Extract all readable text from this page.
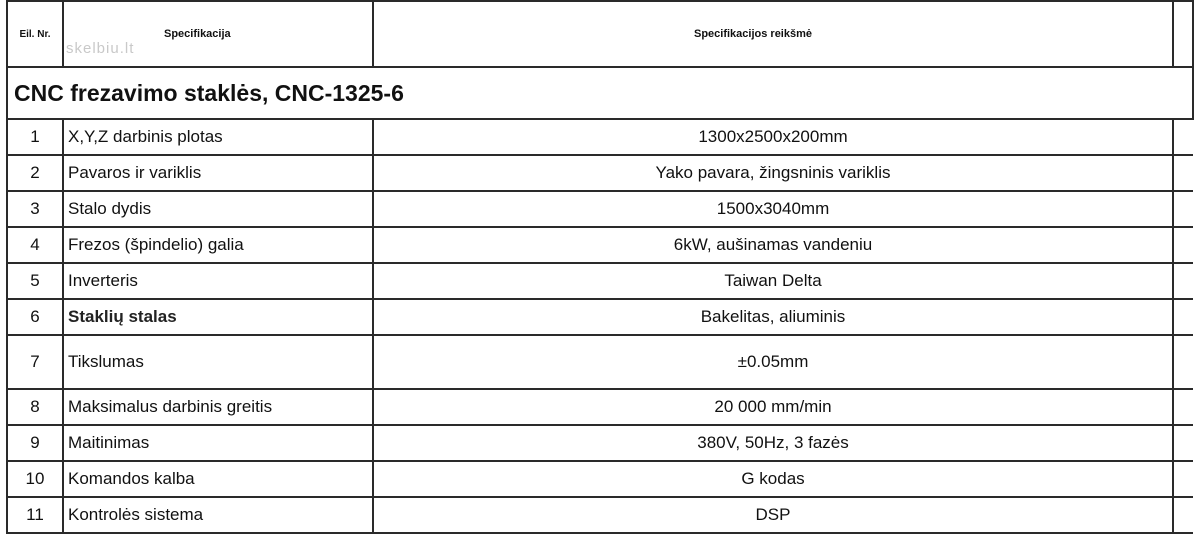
Eil. Nr.	Specifikacija	Specifikacijos reikšmė	
CNC frezavimo staklės, CNC-1325-6			
1	X,Y,Z darbinis plotas	1300x2500x200mm	
2	Pavaros ir variklis	Yako pavara, žingsninis variklis	
3	Stalo dydis	1500x3040mm	
4	Frezos (špindelio) galia	6kW, aušinamas vandeniu	
5	Inverteris	Taiwan Delta	
6	Staklių stalas	Bakelitas, aliuminis	
7	Tikslumas	±0.05mm	
8	Maksimalus darbinis greitis	20 000 mm/min	
9	Maitinimas	380V, 50Hz, 3 fazės	
10	Komandos kalba	G kodas	
11	Kontrolės sistema	DSP	
skelbiu.lt
